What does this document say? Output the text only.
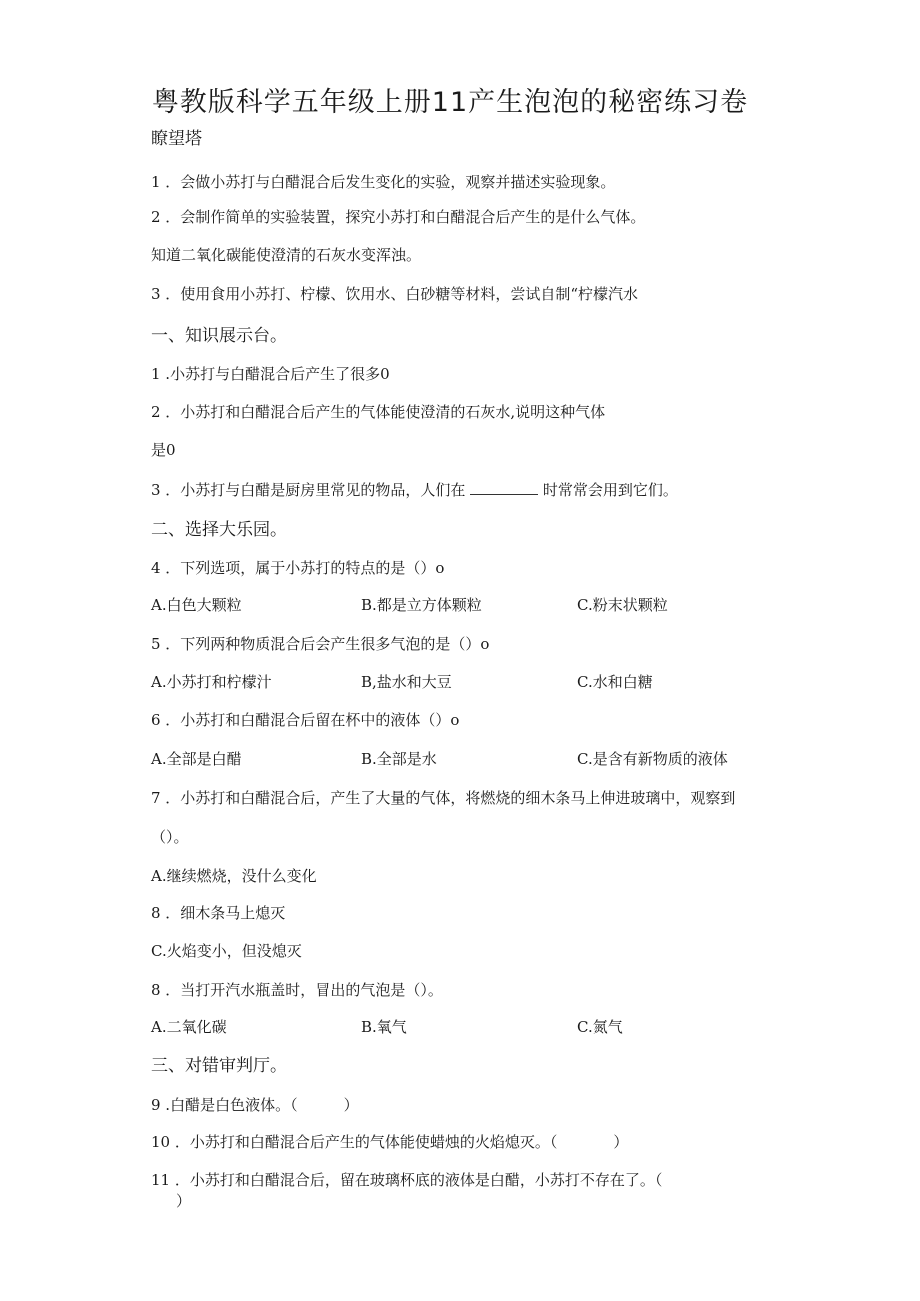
粤教版科学五年级上册11产生泡泡的秘密练习卷
瞭望塔
1 ．会做小苏打与白醋混合后发生变化的实验，观察并描述实验现象。
2 ．会制作简单的实验装置，探究小苏打和白醋混合后产生的是什么气体。
知道二氧化碳能使澄清的石灰水变浑浊。
3 ．使用食用小苏打、柠檬、饮用水、白砂糖等材料，尝试自制“柠檬汽水
一、知识展示台。
1 .小苏打与白醋混合后产生了很多0
2 ．小苏打和白醋混合后产生的气体能使澄清的石灰水,说明这种气体
是0
3 ．小苏打与白醋是厨房里常见的物品，人们在	时常常会用到它们。
二、选择大乐园。
4 ．下列选项，属于小苏打的特点的是（）o
A.白色大颗粒	B.都是立方体颗粒	C.粉末状颗粒
5 ．下列两种物质混合后会产生很多气泡的是（）o
A.小苏打和柠檬汁	B,盐水和大豆	C.水和白糖
6 ．小苏打和白醋混合后留在杯中的液体（）o
A.全部是白醋	B.全部是水	C.是含有新物质的液体
7 ．小苏打和白醋混合后，产生了大量的气体，将燃烧的细木条马上伸进玻璃中，观察到
（）。
A.继续燃烧，没什么变化
8 ．细木条马上熄灭
C.火焰变小，但没熄灭
8 ．当打开汽水瓶盖时，冒出的气泡是（）。
A.二氧化碳	B.氧气	C.氮气
三、对错审判厅。
9 .白醋是白色液体。（	）
10 ．小苏打和白醋混合后产生的气体能使蜡烛的火焰熄灭。（	）
11 ．小苏打和白醋混合后，留在玻璃杯底的液体是白醋，小苏打不存在了。（
）
